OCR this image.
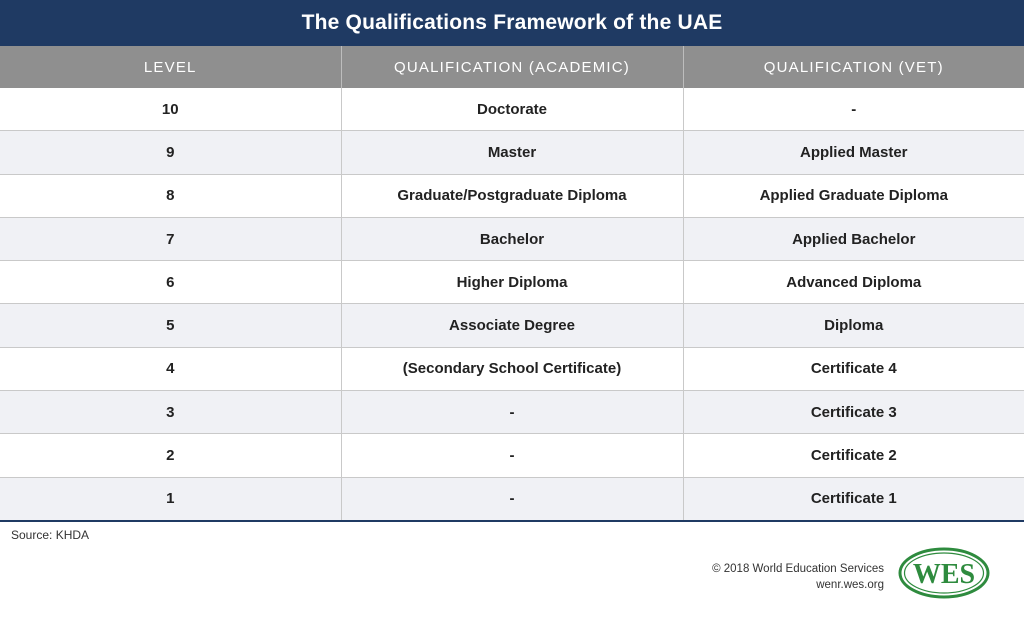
The Qualifications Framework of the UAE
LEVEL	QUALIFICATION (ACADEMIC)	QUALIFICATION (VET)
10	Doctorate	-
9	Master	Applied Master
8	Graduate/Postgraduate Diploma	Applied Graduate Diploma
7	Bachelor	Applied Bachelor
6	Higher Diploma	Advanced Diploma
5	Associate Degree	Diploma
4	(Secondary School Certificate)	Certificate 4
3	-	Certificate 3
2	-	Certificate 2
1	-	Certificate 1
Source: KHDA
© 2018 World Education Services
wenr.wes.org WES
